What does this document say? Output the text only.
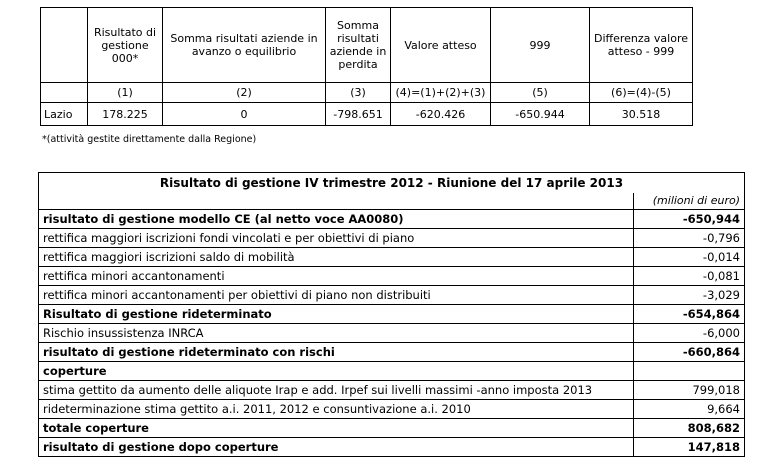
	Risultato di gestione 000*	Somma risultati aziende in avanzo o equilibrio	Somma risultati aziende in perdita	Valore atteso	999	Differenza valore atteso - 999
	(1)	(2)	(3)	(4)=(1)+(2)+(3)	(5)	(6)=(4)-(5)
Lazio	178.225	0	-798.651	-620.426	-650.944	30.518
*(attività gestite direttamente dalla Regione)
Risultato di gestione IV trimestre 2012 - Riunione del 17 aprile 2013	
	(milioni di euro)
risultato di gestione modello CE (al netto voce AA0080)	-650,944
rettifica maggiori iscrizioni fondi vincolati e per obiettivi di piano	-0,796
rettifica maggiori iscrizioni saldo di mobilità	-0,014
rettifica minori accantonamenti	-0,081
rettifica minori accantonamenti per obiettivi di piano non distribuiti	-3,029
Risultato di gestione rideterminato	-654,864
Rischio insussistenza INRCA	-6,000
risultato di gestione rideterminato con rischi	-660,864
coperture	
stima gettito da aumento delle aliquote Irap e add. Irpef sui livelli massimi -anno imposta 2013	799,018
rideterminazione stima gettito a.i. 2011, 2012 e consuntivazione a.i. 2010	9,664
totale coperture	808,682
risultato di gestione dopo coperture	147,818
